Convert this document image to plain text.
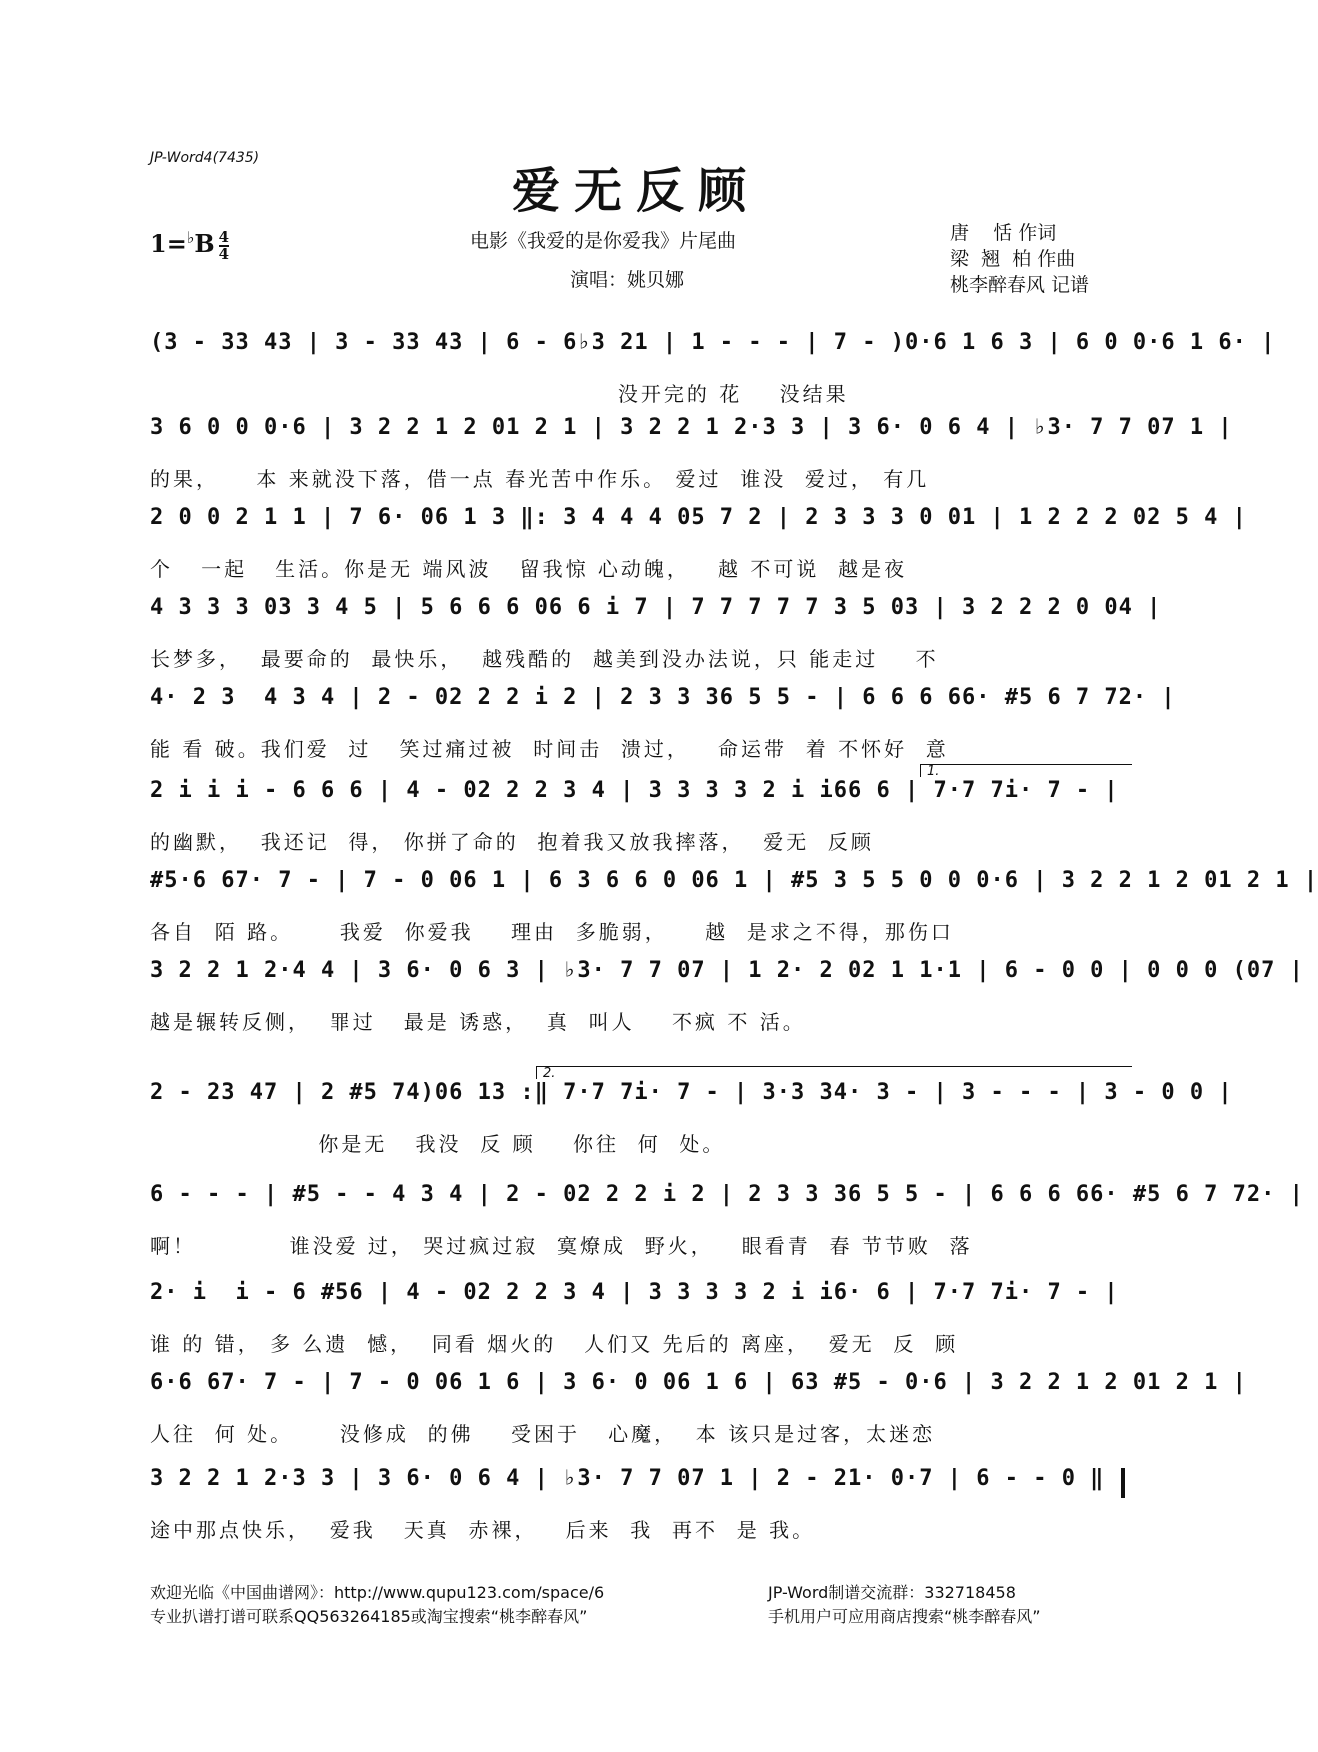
JP-Word4(7435)
爱无反顾
$1=^♭B \frac{4}{4}$	电影《我爱的是你爱我》片尾曲
演唱：姚贝娜
唐    恬 作词
梁  翘  柏 作曲
桃李醉春风 记谱
(3 - 33 43 | 3 - 33 43 | 6 - 6♭3 21 | 1 - - - | 7 - )0·6 1 6 3 | 6 0 0·6 1 6· |
没开完的 花    没结果
3 6 0 0 0·6 | 3 2 2 1 2 01 2 1 | 3 2 2 1 2·3 3 | 3 6· 0 6 4 | ♭3· 7 7 07 1 |
的果，    本 来就没下落，借一点 春光苦中作乐。 爱过  谁没  爱过， 有几
2 0 0 2 1 1 | 7 6· 06 1 3 ‖: 3 4 4 4 05 7 2 | 2 3 3 3 0 01 | 1 2 2 2 02 5 4 |
个   一起   生活。你是无 端风波   留我惊 心动魄，   越 不可说  越是夜
4 3 3 3 03 3 4 5 | 5 6 6 6 06 6 i 7 | 7 7 7 7 7 3 5 03 | 3 2 2 2 0 04 |
长梦多，  最要命的  最快乐，  越残酷的  越美到没办法说，只 能走过    不
4· 2 3  4 3 4 | 2 - 02 2 2 i 2 | 2 3 3 36 5 5 - | 6 6 6 66· #5 6 7 72· |
能 看 破。我们爱  过   笑过痛过被  时间击  溃过，   命运带  着 不怀好  意
1.
2 i i i - 6 6 6 | 4 - 02 2 2 3 4 | 3 3 3 3 2 i i66 6 | 7·7 7i· 7 - |
的幽默，  我还记  得， 你拼了命的  抱着我又放我摔落，  爱无  反顾
#5·6 67· 7 - | 7 - 0 06 1 | 6 3 6 6 0 06 1 | #5 3 5 5 0 0 0·6 | 3 2 2 1 2 01 2 1 |
各自  陌 路。     我爱  你爱我    理由  多脆弱，    越  是求之不得，那伤口
3 2 2 1 2·4 4 | 3 6· 0 6 3 | ♭3· 7 7 07 | 1 2· 2 02 1 1·1 | 6 - 0 0 | 0 0 0 (07 |
越是辗转反侧，  罪过   最是 诱惑，  真  叫人    不疯 不 活。
2.
2 - 23 47 | 2 #5 74)06 13 :‖ 7·7 7i· 7 - | 3·3 34· 3 - | 3 - - - | 3 - 0 0 |
你是无   我没  反 顾    你往  何  处。
6 - - - | #5 - - 4 3 4 | 2 - 02 2 2 i 2 | 2 3 3 36 5 5 - | 6 6 6 66· #5 6 7 72· |
啊！          谁没爱 过， 哭过疯过寂  寞燎成  野火，   眼看青  春 节节败  落
2· i  i - 6 #56 | 4 - 02 2 2 3 4 | 3 3 3 3 2 i i6· 6 | 7·7 7i· 7 - |
谁 的 错， 多 么遗  憾，  同看 烟火的   人们又 先后的 离座，  爱无  反  顾
6·6 67· 7 - | 7 - 0 06 1 6 | 3 6· 0 06 1 6 | 63 #5 - 0·6 | 3 2 2 1 2 01 2 1 |
人往  何 处。     没修成  的佛    受困于   心魔，  本 该只是过客，太迷恋
3 2 2 1 2·3 3 | 3 6· 0 6 4 | ♭3· 7 7 07 1 | 2 - 21· 0·7 | 6 - - 0 ‖
途中那点快乐，  爱我   天真  赤裸，   后来  我  再不  是 我。
欢迎光临《中国曲谱网》：http://www.qupu123.com/space/6
专业扒谱打谱可联系QQ563264185或淘宝搜索“桃李醉春风”
JP-Word制谱交流群：332718458
手机用户可应用商店搜索“桃李醉春风”
